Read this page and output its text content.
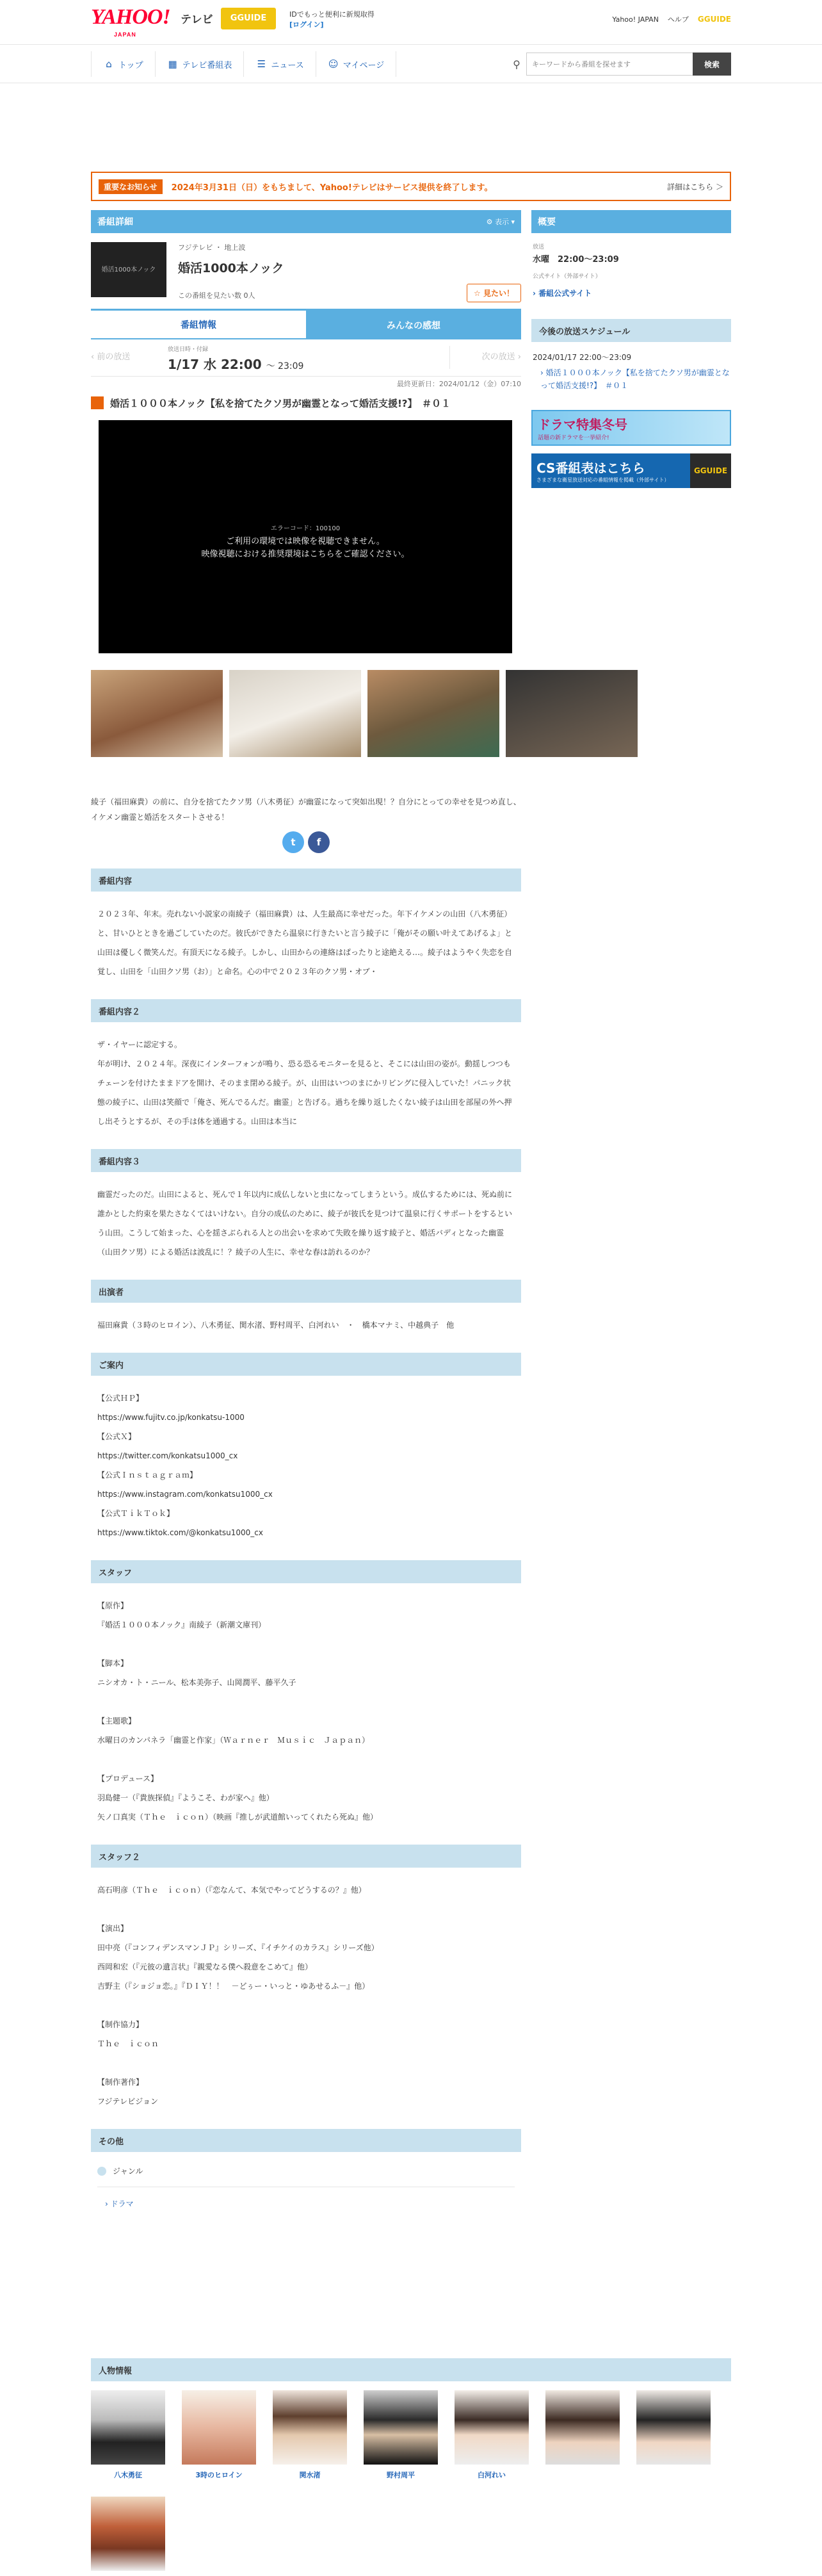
YAHOO!
JAPAN
テレビ	GGUIDE	IDでもっと便利に新規取得
[ログイン]
Yahoo! JAPAN ヘルプ GGUIDE
⌂ トップ	▦ テレビ番組表	☰ ニュース	☺ マイページ	⚲
キーワードから番組を探せます	検索
重要なお知らせ	2024年3月31日（日）をもちまして、Yahoo!テレビはサービス提供を終了します。	詳細はこちら ＞
番組詳細	⚙ 表示 ▾
婚活1000本ノック
フジテレビ ・ 地上波
婚活1000本ノック
この番組を見たい数 0人	☆ 見たい！
番組情報	みんなの感想
‹ 前の放送
放送日時・付録
1/17 水 22:00 〜 23:09
次の放送 ›
最終更新日：2024/01/12（金）07:10
婚活１０００本ノック【私を捨てたクソ男が幽霊となって婚活支援!?】　＃０１
エラーコード：100100
ご利用の環境では映像を視聴できません。
映像視聴における推奨環境はこちらをご確認ください。

綾子（福田麻貴）の前に、自分を捨てたクソ男（八木勇征）が幽霊になって突如出現！？自分にとっての幸せを見つめ直し、イケメン幽霊と婚活をスタートさせる！

t f
番組内容
２０２３年、年末。売れない小説家の南綾子（福田麻貴）は、人生最高に幸せだった。年下イケメンの山田（八木勇征）と、甘いひとときを過ごしていたのだ。彼氏ができたら温泉に行きたいと言う綾子に「俺がその願い叶えてあげるよ」と山田は優しく微笑んだ。有頂天になる綾子。しかし、山田からの連絡はぱったりと途絶える…。綾子はようやく失恋を自覚し、山田を「山田クソ男（お）」と命名。心の中で２０２３年のクソ男・オブ・
番組内容２
ザ・イヤーに認定する。
年が明け、２０２４年。深夜にインターフォンが鳴り、恐る恐るモニターを見ると、そこには山田の姿が。動揺しつつもチェーンを付けたままドアを開け、そのまま閉める綾子。が、山田はいつのまにかリビングに侵入していた！パニック状態の綾子に、山田は笑顔で「俺さ、死んでるんだ。幽霊」と告げる。過ちを繰り返したくない綾子は山田を部屋の外へ押し出そうとするが、その手は体を通過する。山田は本当に
番組内容３
幽霊だったのだ。山田によると、死んで１年以内に成仏しないと虫になってしまうという。成仏するためには、死ぬ前に誰かとした約束を果たさなくてはいけない。自分の成仏のために、綾子が彼氏を見つけて温泉に行くサポートをするという山田。こうして始まった、心を揺さぶられる人との出会いを求めて失敗を繰り返す綾子と、婚活バディとなった幽霊（山田クソ男）による婚活は波乱に！？綾子の人生に、幸せな春は訪れるのか？
出演者
福田麻貴（３時のヒロイン）、八木勇征、関水渚、野村周平、白河れい　・　橋本マナミ、中越典子　他
ご案内
【公式ＨＰ】
https://www.fujitv.co.jp/konkatsu-1000
【公式Ｘ】
https://twitter.com/konkatsu1000_cx
【公式Ｉｎｓｔａｇｒａｍ】
https://www.instagram.com/konkatsu1000_cx
【公式ＴｉｋＴｏｋ】
https://www.tiktok.com/@konkatsu1000_cx
スタッフ
【原作】
『婚活１０００本ノック』南綾子（新潮文庫刊）

【脚本】
ニシオカ・ト・ニール、松本美弥子、山岡潤平、藤平久子

【主題歌】
水曜日のカンパネラ「幽霊と作家」（Ｗａｒｎｅｒ　Ｍｕｓｉｃ　Ｊａｐａｎ）

【プロデュース】
羽島健一（『貴族探偵』『ようこそ、わが家へ』他）
矢ノ口真実（Ｔｈｅ　ｉｃｏｎ）（映画『推しが武道館いってくれたら死ぬ』他）
スタッフ２
高石明彦（Ｔｈｅ　ｉｃｏｎ）（『恋なんて、本気でやってどうするの？』他）

【演出】
田中亮（『コンフィデンスマンＪＰ』シリーズ、『イチケイのカラス』シリーズ他）
西岡和宏（『元彼の遺言状』『親愛なる僕へ殺意をこめて』他）
吉野主（『ショジョ恋。』『ＤＩＹ！！　－どぅー・いっと・ゆあせるふ－』他）

【制作協力】
Ｔｈｅ　ｉｃｏｎ

【制作著作】
フジテレビジョン
その他
ジャンル
› ドラマ
概要
放送
水曜　22:00〜23:09
公式サイト（外部サイト）
› 番組公式サイト
今後の放送スケジュール
2024/01/17 22:00〜23:09
› 婚活１０００本ノック【私を捨てたクソ男が幽霊となって婚活支援!?】　＃０１
ドラマ特集冬号
話題の新ドラマを一挙紹介!
CS番組表はこちら
さまざまな衛星放送対応の番組情報を掲載（外部サイト）
GGUIDE
人物情報
八木勇征	3時のヒロイン	関水渚	野村周平	白河れい
